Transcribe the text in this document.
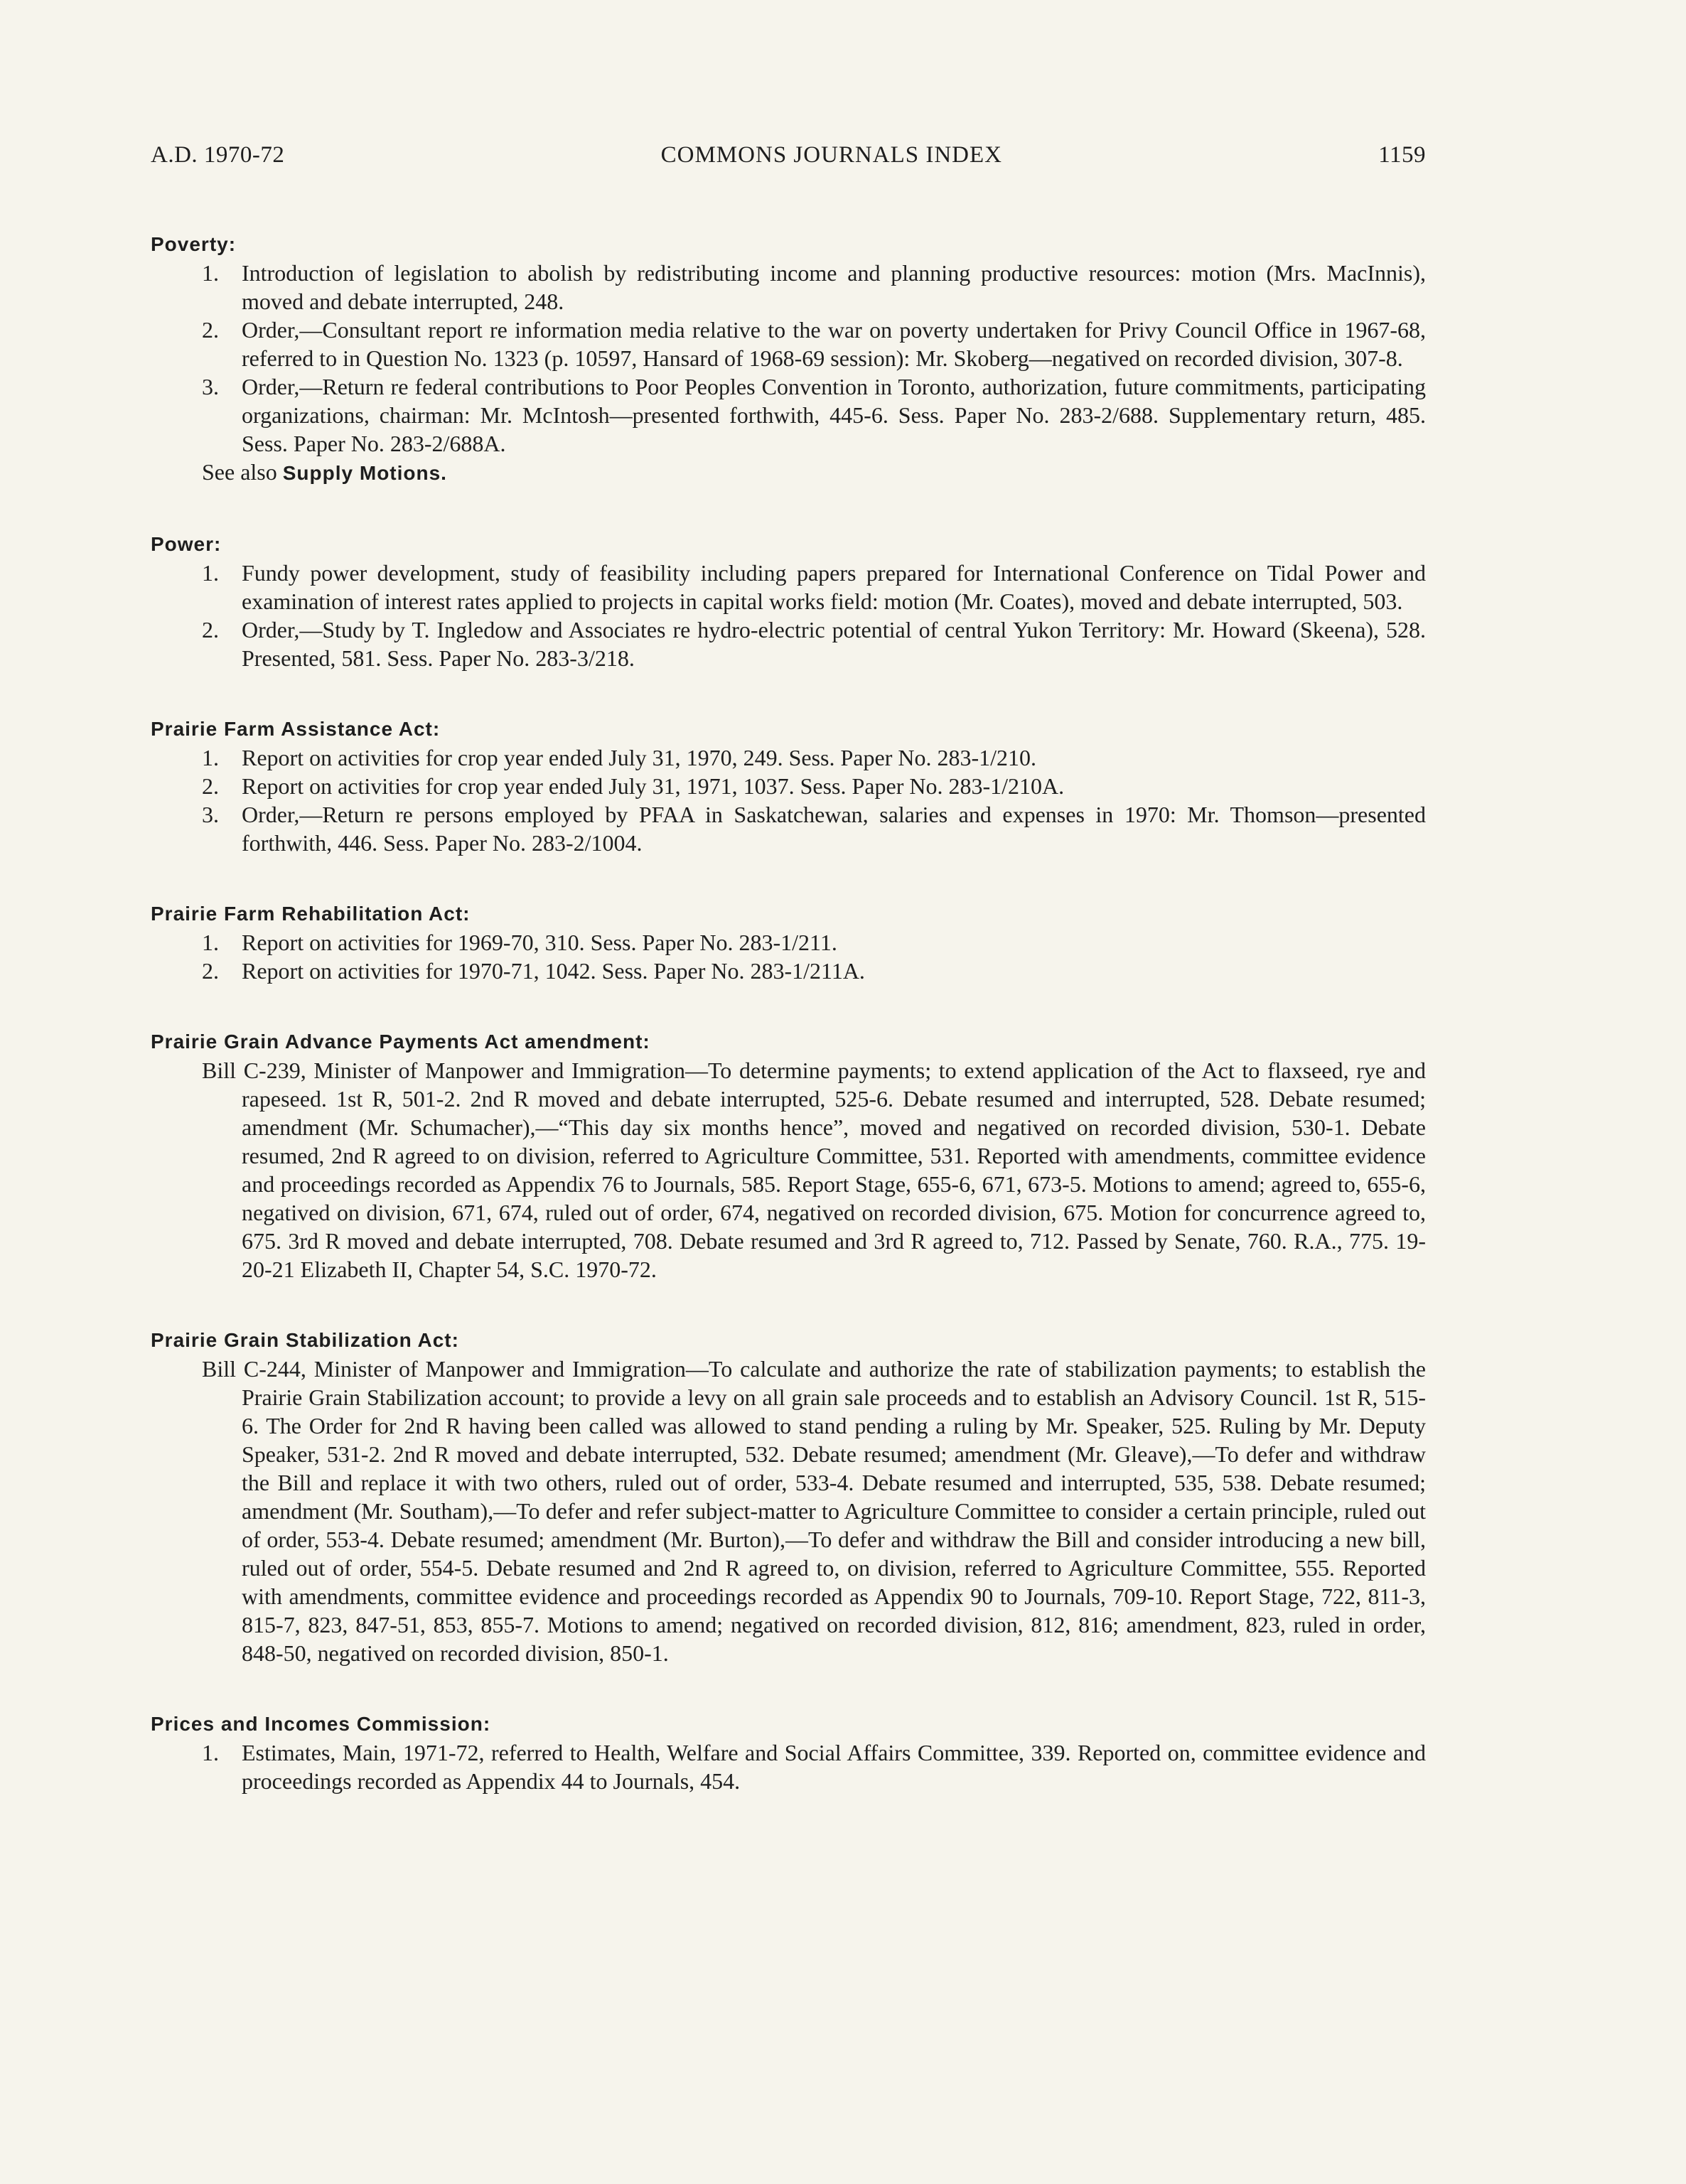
A.D. 1970-72	COMMONS JOURNALS INDEX	1159
Poverty:
1. Introduction of legislation to abolish by redistributing income and planning productive resources: motion (Mrs. MacInnis), moved and debate interrupted, 248.
2. Order,—Consultant report re information media relative to the war on poverty undertaken for Privy Council Office in 1967-68, referred to in Question No. 1323 (p. 10597, Hansard of 1968-69 session): Mr. Skoberg—negatived on recorded division, 307-8.
3. Order,—Return re federal contributions to Poor Peoples Convention in Toronto, authorization, future commitments, participating organizations, chairman: Mr. McIntosh—presented forthwith, 445-6. Sess. Paper No. 283-2/688. Supplementary return, 485. Sess. Paper No. 283-2/688A.
See also Supply Motions.
Power:
1. Fundy power development, study of feasibility including papers prepared for International Conference on Tidal Power and examination of interest rates applied to projects in capital works field: motion (Mr. Coates), moved and debate interrupted, 503.
2. Order,—Study by T. Ingledow and Associates re hydro-electric potential of central Yukon Territory: Mr. Howard (Skeena), 528. Presented, 581. Sess. Paper No. 283-3/218.
Prairie Farm Assistance Act:
1. Report on activities for crop year ended July 31, 1970, 249. Sess. Paper No. 283-1/210.
2. Report on activities for crop year ended July 31, 1971, 1037. Sess. Paper No. 283-1/210A.
3. Order,—Return re persons employed by PFAA in Saskatchewan, salaries and expenses in 1970: Mr. Thomson—presented forthwith, 446. Sess. Paper No. 283-2/1004.
Prairie Farm Rehabilitation Act:
1. Report on activities for 1969-70, 310. Sess. Paper No. 283-1/211.
2. Report on activities for 1970-71, 1042. Sess. Paper No. 283-1/211A.
Prairie Grain Advance Payments Act amendment:
Bill C-239, Minister of Manpower and Immigration—To determine payments; to extend application of the Act to flaxseed, rye and rapeseed. 1st R, 501-2. 2nd R moved and debate interrupted, 525-6. Debate resumed and interrupted, 528. Debate resumed; amendment (Mr. Schumacher),—“This day six months hence”, moved and negatived on recorded division, 530-1. Debate resumed, 2nd R agreed to on division, referred to Agriculture Committee, 531. Reported with amendments, committee evidence and proceedings recorded as Appendix 76 to Journals, 585. Report Stage, 655-6, 671, 673-5. Motions to amend; agreed to, 655-6, negatived on division, 671, 674, ruled out of order, 674, negatived on recorded division, 675. Motion for concurrence agreed to, 675. 3rd R moved and debate interrupted, 708. Debate resumed and 3rd R agreed to, 712. Passed by Senate, 760. R.A., 775. 19-20-21 Elizabeth II, Chapter 54, S.C. 1970-72.
Prairie Grain Stabilization Act:
Bill C-244, Minister of Manpower and Immigration—To calculate and authorize the rate of stabilization payments; to establish the Prairie Grain Stabilization account; to provide a levy on all grain sale proceeds and to establish an Advisory Council. 1st R, 515-6. The Order for 2nd R having been called was allowed to stand pending a ruling by Mr. Speaker, 525. Ruling by Mr. Deputy Speaker, 531-2. 2nd R moved and debate interrupted, 532. Debate resumed; amendment (Mr. Gleave),—To defer and withdraw the Bill and replace it with two others, ruled out of order, 533-4. Debate resumed and interrupted, 535, 538. Debate resumed; amendment (Mr. Southam),—To defer and refer subject-matter to Agriculture Committee to consider a certain principle, ruled out of order, 553-4. Debate resumed; amendment (Mr. Burton),—To defer and withdraw the Bill and consider introducing a new bill, ruled out of order, 554-5. Debate resumed and 2nd R agreed to, on division, referred to Agriculture Committee, 555. Reported with amendments, committee evidence and proceedings recorded as Appendix 90 to Journals, 709-10. Report Stage, 722, 811-3, 815-7, 823, 847-51, 853, 855-7. Motions to amend; negatived on recorded division, 812, 816; amendment, 823, ruled in order, 848-50, negatived on recorded division, 850-1.
Prices and Incomes Commission:
1. Estimates, Main, 1971-72, referred to Health, Welfare and Social Affairs Committee, 339. Reported on, committee evidence and proceedings recorded as Appendix 44 to Journals, 454.
